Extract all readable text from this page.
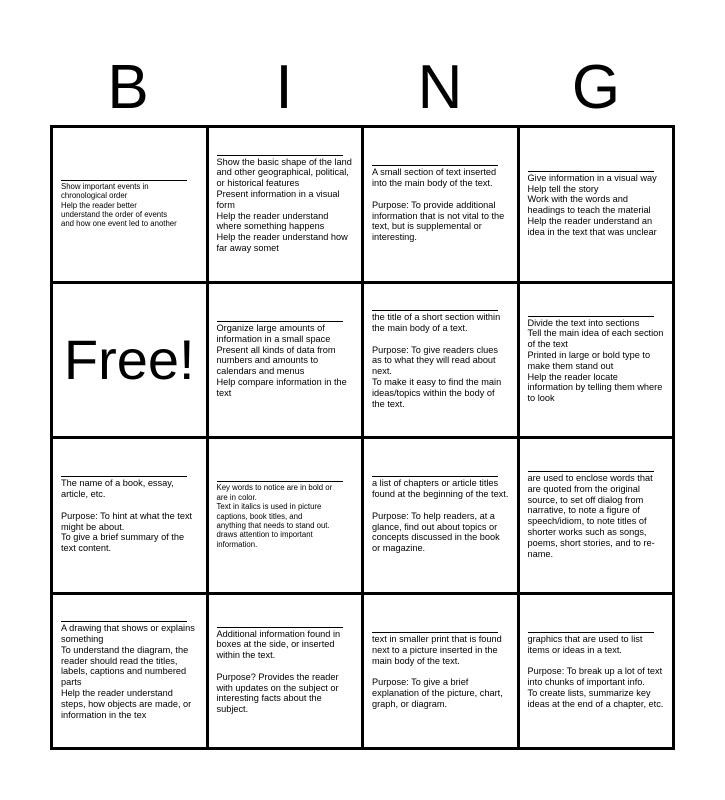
B	I	N	G
Show important events in
chronological order
Help the reader better
understand the order of events
and how one event led to another
Show the basic shape of the land
and other geographical, political,
or historical features
Present information in a visual
form
Help the reader understand
where something happens
Help the reader understand how
far away somet
A small section of text inserted
into the main body of the text.

Purpose: To provide additional
information that is not vital to the
text, but is supplemental or
interesting.
Give information in a visual way
Help tell the story
Work with the words and
headings to teach the material
Help the reader understand an
idea in the text that was unclear
Free!	Organize large amounts of
information in a small space
Present all kinds of data from
numbers and amounts to
calendars and menus
Help compare information in the
text
the title of a short section within
the main body of a text.

Purpose: To give readers clues
as to what they will read about
next.
To make it easy to find the main
ideas/topics within the body of
the text.
Divide the text into sections
Tell the main idea of each section
of the text
Printed in large or bold type to
make them stand out
Help the reader locate
information by telling them where
to look
The name of a book, essay,
article, etc.

Purpose: To hint at what the text
might be about.
To give a brief summary of the
text content.
Key words to notice are in bold or
are in color.
Text in italics is used in picture
captions, book titles, and
anything that needs to stand out.
draws attention to important
information.
a list of chapters or article titles
found at the beginning of the text.

Purpose: To help readers, at a
glance, find out about topics or
concepts discussed in the book
or magazine.
are used to enclose words that
are quoted from the original
source, to set off dialog from
narrative, to note a figure of
speech/idiom, to note titles of
shorter works such as songs,
poems, short stories, and to re-
name.
A drawing that shows or explains
something
To understand the diagram, the
reader should read the titles,
labels, captions and numbered
parts
Help the reader understand
steps, how objects are made, or
information in the tex
Additional information found in
boxes at the side, or inserted
within the text.

Purpose? Provides the reader
with updates on the subject or
interesting facts about the
subject.
text in smaller print that is found
next to a picture inserted in the
main body of the text.

Purpose: To give a brief
explanation of the picture, chart,
graph, or diagram.
graphics that are used to list
items or ideas in a text.

Purpose: To break up a lot of text
into chunks of important info.
To create lists, summarize key
ideas at the end of a chapter, etc.
